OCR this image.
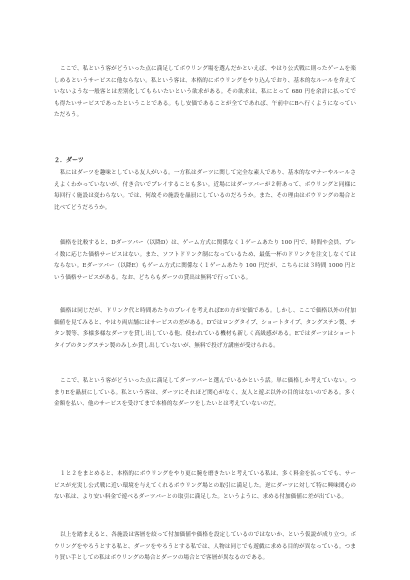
ここで、私という客がどういった点に満足してボウリング場を選んだかといえば、やはり公式戦に則ったゲームを楽しめるというサービスに他ならない。私という客は、本格的にボウリングをやり込んでおり、基本的なルールを弁えていないような一般客とは差別化してもらいたいという欲求がある。その欲求は、私にとって 680 円を余計に払ってでも得たいサービスであったということである。もし安価であることが全てであれば、午前中にBへ行くようになっていただろう。

２．ダーツ

私にはダーツを趣味としている友人がいる。一方私はダーツに関して完全な素人であり、基本的なマナーやルールさえよくわかっていないが、付き合いでプレイすることも多い。近場にはダーツバーが２軒あって、ボウリングと同様に毎回行く施設は変わらない。では、何故その施設を贔屓にしているのだろうか。また、その理由はボウリングの場合と比べてどうだろうか。

価格を比較すると、Dダーツバー（以降D）は、ゲーム方式に関係なく１ゲームあたり 100 円で、時間や会員、プレイ数に応じた価格サービスはない。また、ソフトドリンク制になっているため、最低一杯のドリンクを注文しなくてはならない。Eダーツバー（以降E）もゲーム方式に関係なく１ゲームあたり 100 円だが、こちらには３時間 1000 円という価格サービスがある。なお、どちらもダーツの貸出は無料で行っている。

価格は同じだが、ドリンク代と時間あたりのプレイを考えればEの方が安価である。しかし、ここで価格以外の付加価値を見てみると、やはり両店舗にはサービスの差がある。Dではロングタイプ、ショートタイプ、タングステン製、チタン製等、多様多様なダーツを貸し出している他、使われている機材も新しく高級感がある。Eではダーツはショートタイプのタングステン製のみしか貸し出していないが、無料で投げ方講座が受けられる。

ここで、私という客がどういった点に満足してダーツバーと選んでいるかという話。単に価格しか考えていない。つまりEを贔屓にしている。私という客は、ダーツにそれほど関心がなく、友人と遊ぶ以外の目的はないのである。多く金額を払い、他のサービスを受けてまで本格的なダーツをしたいとは考えていないのだ。

１と２をまとめると、本格的にボウリングをやり更に腕を磨きたいと考えている私は、多く料金を払ってでも、サービスが充実し公式戦に近い環境を与えてくれるボウリング場との取引に満足した。逆にダーツに対して特に興味関心のない私は、より安い料金で遊べるダーツバーとの取引に満足した。というように、求める付加価値に差が出ている。

以上を踏まえると、各施設は客層を絞って付加価値や価格を設定しているのではないか、という仮説が成り立つ。ボウリングをやろうとする私と、ダーツをやろうとする私では、人物は同じでも遊戯に求める目的が異なっている。つまり買い手としての私はボウリングの場合とダーツの場合とで客層が異なるのである。
